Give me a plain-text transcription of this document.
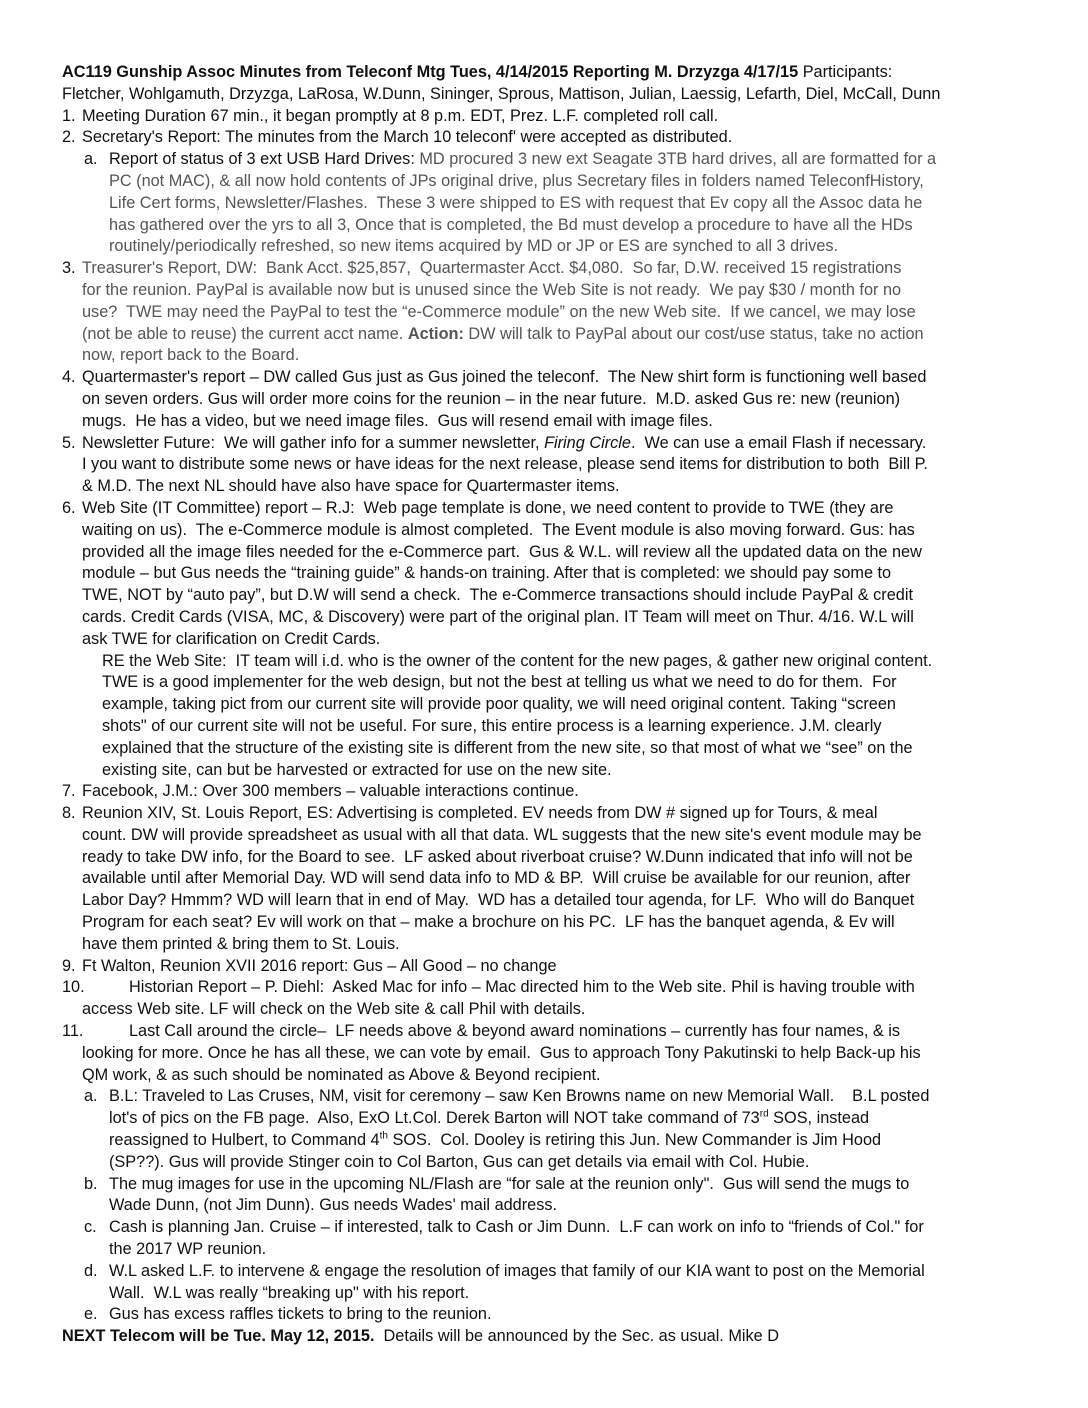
AC119 Gunship Assoc Minutes from Teleconf Mtg Tues, 4/14/2015 Reporting M. Drzyzga 4/17/15 Participants:
Fletcher, Wohlgamuth, Drzyzga, LaRosa, W.Dunn, Sininger, Sprous, Mattison, Julian, Laessig, Lefarth, Diel, McCall, Dunn
1. Meeting Duration 67 min., it began promptly at 8 p.m. EDT, Prez. L.F. completed roll call.
2. Secretary's Report: The minutes from the March 10 teleconf' were accepted as distributed.
a. Report of status of 3 ext USB Hard Drives: MD procured 3 new ext Seagate 3TB hard drives, all are formatted for a
PC (not MAC), & all now hold contents of JPs original drive, plus Secretary files in folders named TeleconfHistory,
Life Cert forms, Newsletter/Flashes.  These 3 were shipped to ES with request that Ev copy all the Assoc data he
has gathered over the yrs to all 3, Once that is completed, the Bd must develop a procedure to have all the HDs
routinely/periodically refreshed, so new items acquired by MD or JP or ES are synched to all 3 drives.
3. Treasurer's Report, DW:  Bank Acct. $25,857,  Quartermaster Acct. $4,080.  So far, D.W. received 15 registrations
for the reunion. PayPal is available now but is unused since the Web Site is not ready.  We pay $30 / month for no
use?  TWE may need the PayPal to test the “e-Commerce module” on the new Web site.  If we cancel, we may lose
(not be able to reuse) the current acct name. Action: DW will talk to PayPal about our cost/use status, take no action
now, report back to the Board.
4. Quartermaster's report – DW called Gus just as Gus joined the teleconf.  The New shirt form is functioning well based
on seven orders. Gus will order more coins for the reunion – in the near future.  M.D. asked Gus re: new (reunion)
mugs.  He has a video, but we need image files.  Gus will resend email with image files.
5. Newsletter Future:  We will gather info for a summer newsletter, Firing Circle.  We can use a email Flash if necessary.
I you want to distribute some news or have ideas for the next release, please send items for distribution to both  Bill P.
& M.D. The next NL should have also have space for Quartermaster items.
6. Web Site (IT Committee) report – R.J:  Web page template is done, we need content to provide to TWE (they are
waiting on us).  The e-Commerce module is almost completed.  The Event module is also moving forward. Gus: has
provided all the image files needed for the e-Commerce part.  Gus & W.L. will review all the updated data on the new
module – but Gus needs the “training guide” & hands-on training. After that is completed: we should pay some to
TWE, NOT by “auto pay”, but D.W will send a check.  The e-Commerce transactions should include PayPal & credit
cards. Credit Cards (VISA, MC, & Discovery) were part of the original plan. IT Team will meet on Thur. 4/16. W.L will
ask TWE for clarification on Credit Cards.
RE the Web Site:  IT team will i.d. who is the owner of the content for the new pages, & gather new original content.
TWE is a good implementer for the web design, but not the best at telling us what we need to do for them.  For
example, taking pict from our current site will provide poor quality, we will need original content. Taking “screen
shots" of our current site will not be useful. For sure, this entire process is a learning experience. J.M. clearly
explained that the structure of the existing site is different from the new site, so that most of what we “see” on the
existing site, can but be harvested or extracted for use on the new site.
7. Facebook, J.M.: Over 300 members – valuable interactions continue.
8. Reunion XIV, St. Louis Report, ES: Advertising is completed. EV needs from DW # signed up for Tours, & meal
count. DW will provide spreadsheet as usual with all that data. WL suggests that the new site's event module may be
ready to take DW info, for the Board to see.  LF asked about riverboat cruise? W.Dunn indicated that info will not be
available until after Memorial Day. WD will send data info to MD & BP.  Will cruise be available for our reunion, after
Labor Day? Hmmm? WD will learn that in end of May.  WD has a detailed tour agenda, for LF.  Who will do Banquet
Program for each seat? Ev will work on that – make a brochure on his PC.  LF has the banquet agenda, & Ev will
have them printed & bring them to St. Louis.
9. Ft Walton, Reunion XVII 2016 report: Gus – All Good – no change
10.	Historian Report – P. Diehl:  Asked Mac for info – Mac directed him to the Web site. Phil is having trouble with
access Web site. LF will check on the Web site & call Phil with details.
11.	Last Call around the circle–  LF needs above & beyond award nominations – currently has four names, & is
looking for more. Once he has all these, we can vote by email.  Gus to approach Tony Pakutinski to help Back-up his
QM work, & as such should be nominated as Above & Beyond recipient.
a. B.L: Traveled to Las Cruses, NM, visit for ceremony – saw Ken Browns name on new Memorial Wall.    B.L posted
lot's of pics on the FB page.  Also, ExO Lt.Col. Derek Barton will NOT take command of 73rd SOS, instead
reassigned to Hulbert, to Command 4th SOS.  Col. Dooley is retiring this Jun. New Commander is Jim Hood
(SP??). Gus will provide Stinger coin to Col Barton, Gus can get details via email with Col. Hubie.
b. The mug images for use in the upcoming NL/Flash are “for sale at the reunion only".  Gus will send the mugs to
Wade Dunn, (not Jim Dunn). Gus needs Wades' mail address.
c. Cash is planning Jan. Cruise – if interested, talk to Cash or Jim Dunn.  L.F can work on info to “friends of Col." for
the 2017 WP reunion.
d. W.L asked L.F. to intervene & engage the resolution of images that family of our KIA want to post on the Memorial
Wall.  W.L was really “breaking up" with his report.
e. Gus has excess raffles tickets to bring to the reunion.
NEXT Telecom will be Tue. May 12, 2015.  Details will be announced by the Sec. as usual. Mike D
